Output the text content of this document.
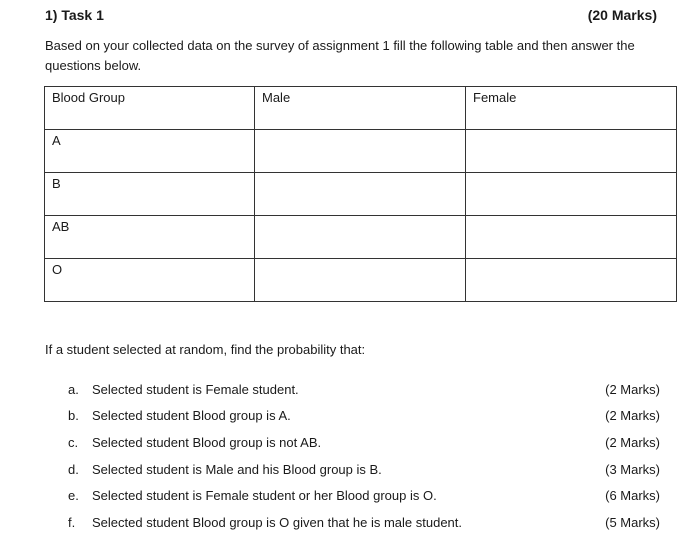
1) Task 1	(20 Marks)
Based on your collected data on the survey of assignment 1 fill the following table and then answer the questions below.
Blood Group	Male	Female
A		
B		
AB		
O		
If a student selected at random, find the probability that:
a.	Selected student is Female student.	(2 Marks)
b.	Selected student Blood group is A.	(2 Marks)
c.	Selected student Blood group is not AB.	(2 Marks)
d.	Selected student is Male and his Blood group is B.	(3 Marks)
e.	Selected student is Female student or her Blood group is O.	(6 Marks)
f.	Selected student Blood group is O given that he is male student.	(5 Marks)
